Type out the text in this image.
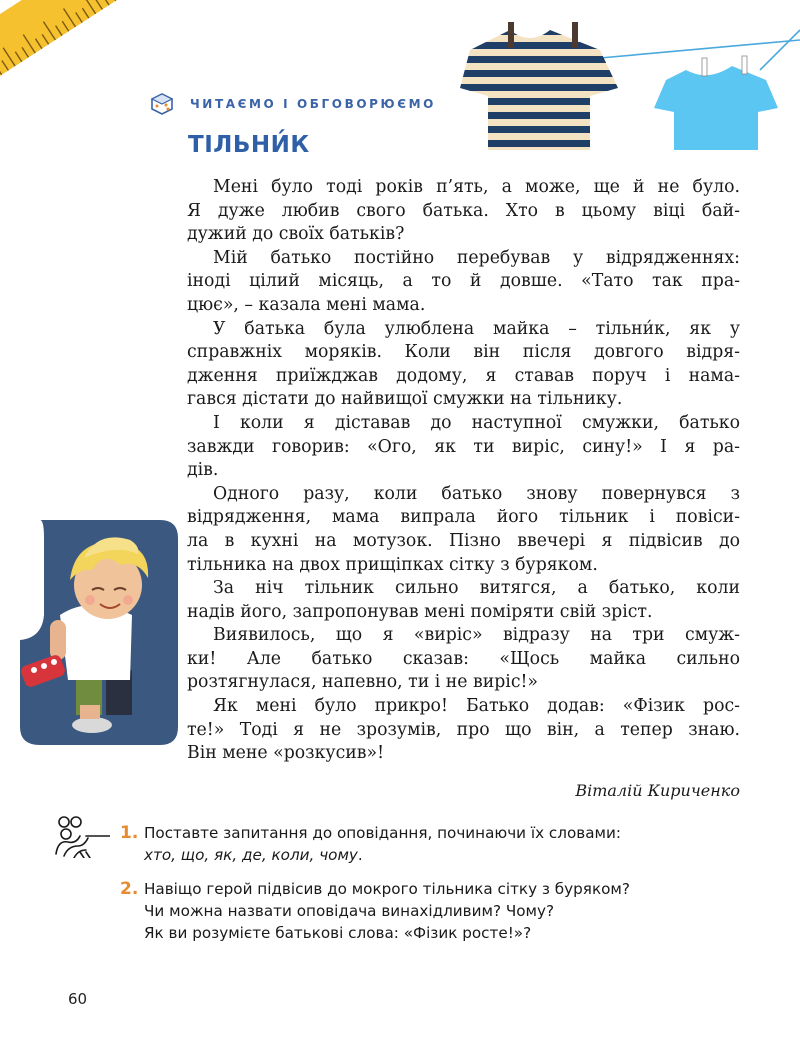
ЧИТАЄМО І ОБГОВОРЮЄМО
ТІЛЬНИ́К
Мені було тоді років п’ять, а може, ще й не було.
Я дуже любив свого батька. Хто в цьому віці бай-
дужий до своїх батьків?
Мій батько постійно перебував у відрядженнях:
іноді цілий місяць, а то й довше. «Тато так пра-
цює», – казала мені мама.
У батька була улюблена майка – тільни́к, як у
справжніх моряків. Коли він після довгого відря-
дження приїжджав додому, я ставав поруч і нама-
гався дістати до найвищої смужки на тільнику.
І коли я діставав до наступної смужки, батько
завжди говорив: «Ого, як ти виріс, сину!» І я ра-
дів.
Одного разу, коли батько знову повернувся з
відрядження, мама випрала його тільник і повіси-
ла в кухні на мотузок. Пізно ввечері я підвісив до
тільника на двох прищіпках сітку з буряком.
За ніч тільник сильно витягся, а батько, коли
надів його, запропонував мені поміряти свій зріст.
Виявилось, що я «виріс» відразу на три смуж-
ки! Але батько сказав: «Щось майка сильно
розтягнулася, напевно, ти і не виріс!»
Як мені було прикро! Батько додав: «Фізик рос-
те!» Тоді я не зрозумів, про що він, а тепер знаю.
Він мене «розкусив»!
Віталій Кириченко
1. Поставте запитання до оповідання, починаючи їх словами:
хто, що, як, де, коли, чому.
2. Навіщо герой підвісив до мокрого тільника сітку з буряком?
Чи можна назвати оповідача винахідливим? Чому?
Як ви розумієте батькові слова: «Фізик росте!»?
60
